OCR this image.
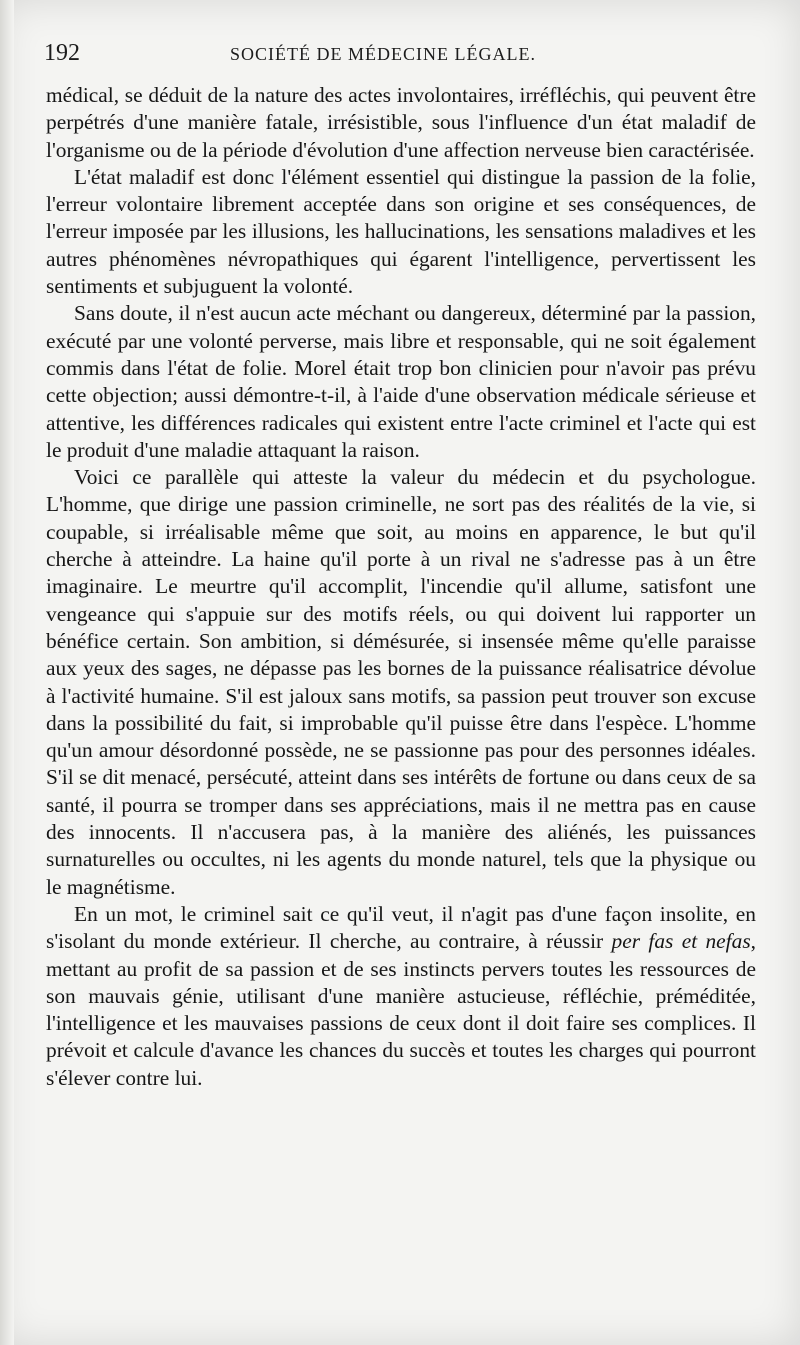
192	SOCIÉTÉ DE MÉDECINE LÉGALE.

médical, se déduit de la nature des actes involontaires, irréfléchis, qui peuvent être perpétrés d'une manière fatale, irrésistible, sous l'influence d'un état maladif de l'organisme ou de la période d'évolution d'une affection nerveuse bien caractérisée.

L'état maladif est donc l'élément essentiel qui distingue la passion de la folie, l'erreur volontaire librement acceptée dans son origine et ses conséquences, de l'erreur imposée par les illusions, les hallucinations, les sensations maladives et les autres phénomènes névropathiques qui égarent l'intelligence, pervertissent les sentiments et subjuguent la volonté.

Sans doute, il n'est aucun acte méchant ou dangereux, déterminé par la passion, exécuté par une volonté perverse, mais libre et responsable, qui ne soit également commis dans l'état de folie. Morel était trop bon clinicien pour n'avoir pas prévu cette objection; aussi démontre-t-il, à l'aide d'une observation médicale sérieuse et attentive, les différences radicales qui existent entre l'acte criminel et l'acte qui est le produit d'une maladie attaquant la raison.

Voici ce parallèle qui atteste la valeur du médecin et du psychologue. L'homme, que dirige une passion criminelle, ne sort pas des réalités de la vie, si coupable, si irréalisable même que soit, au moins en apparence, le but qu'il cherche à atteindre. La haine qu'il porte à un rival ne s'adresse pas à un être imaginaire. Le meurtre qu'il accomplit, l'incendie qu'il allume, satisfont une vengeance qui s'appuie sur des motifs réels, ou qui doivent lui rapporter un bénéfice certain. Son ambition, si démésurée, si insensée même qu'elle paraisse aux yeux des sages, ne dépasse pas les bornes de la puissance réalisatrice dévolue à l'activité humaine. S'il est jaloux sans motifs, sa passion peut trouver son excuse dans la possibilité du fait, si improbable qu'il puisse être dans l'espèce. L'homme qu'un amour désordonné possède, ne se passionne pas pour des personnes idéales. S'il se dit menacé, persécuté, atteint dans ses intérêts de fortune ou dans ceux de sa santé, il pourra se tromper dans ses appréciations, mais il ne mettra pas en cause des innocents. Il n'accusera pas, à la manière des aliénés, les puissances surnaturelles ou occultes, ni les agents du monde naturel, tels que la physique ou le magnétisme.

En un mot, le criminel sait ce qu'il veut, il n'agit pas d'une façon insolite, en s'isolant du monde extérieur. Il cherche, au contraire, à réussir per fas et nefas, mettant au profit de sa passion et de ses instincts pervers toutes les ressources de son mauvais génie, utilisant d'une manière astucieuse, réfléchie, préméditée, l'intelligence et les mauvaises passions de ceux dont il doit faire ses complices. Il prévoit et calcule d'avance les chances du succès et toutes les charges qui pourront s'élever contre lui.
